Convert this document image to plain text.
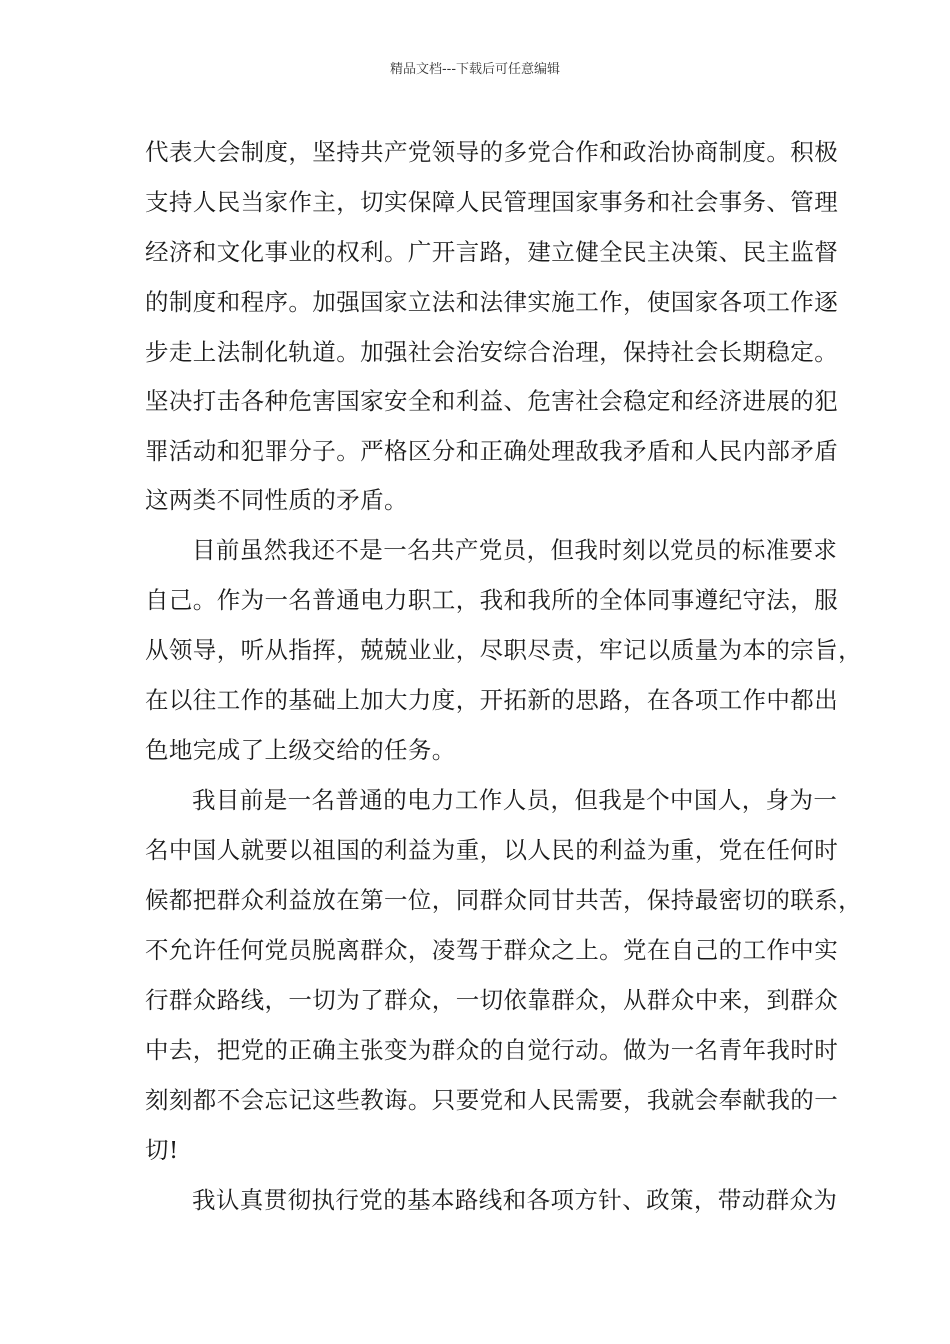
精品文档---下载后可任意编辑
代表大会制度，坚持共产党领导的多党合作和政治协商制度。积极
支持人民当家作主，切实保障人民管理国家事务和社会事务、管理
经济和文化事业的权利。广开言路，建立健全民主决策、民主监督
的制度和程序。加强国家立法和法律实施工作，使国家各项工作逐
步走上法制化轨道。加强社会治安综合治理，保持社会长期稳定。
坚决打击各种危害国家安全和利益、危害社会稳定和经济进展的犯
罪活动和犯罪分子。严格区分和正确处理敌我矛盾和人民内部矛盾
这两类不同性质的矛盾。
目前虽然我还不是一名共产党员，但我时刻以党员的标准要求
自己。作为一名普通电力职工，我和我所的全体同事遵纪守法，服
从领导，听从指挥，兢兢业业，尽职尽责，牢记以质量为本的宗旨，
在以往工作的基础上加大力度，开拓新的思路，在各项工作中都出
色地完成了上级交给的任务。
我目前是一名普通的电力工作人员，但我是个中国人，身为一
名中国人就要以祖国的利益为重，以人民的利益为重，党在任何时
候都把群众利益放在第一位，同群众同甘共苦，保持最密切的联系，
不允许任何党员脱离群众，凌驾于群众之上。党在自己的工作中实
行群众路线，一切为了群众，一切依靠群众，从群众中来，到群众
中去，把党的正确主张变为群众的自觉行动。做为一名青年我时时
刻刻都不会忘记这些教诲。只要党和人民需要，我就会奉献我的一
切!
我认真贯彻执行党的基本路线和各项方针、政策，带动群众为
